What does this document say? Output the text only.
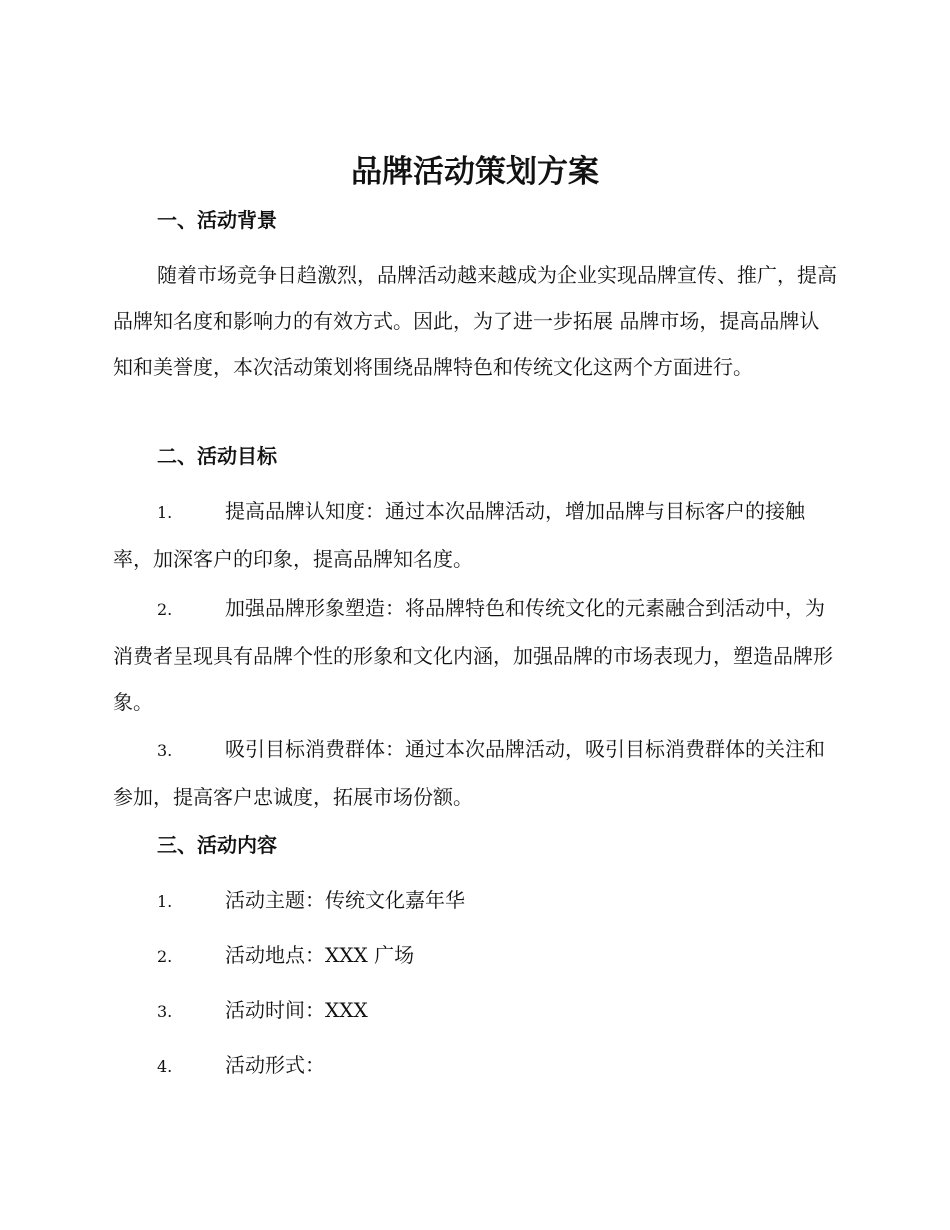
品牌活动策划方案
一、活动背景

随着市场竞争日趋激烈，品牌活动越来越成为企业实现品牌宣传、推广，提高品牌知名度和影响力的有效方式。因此，为了进一步拓展 品牌市场，提高品牌认知和美誉度，本次活动策划将围绕品牌特色和传统文化这两个方面进行。

二、活动目标
1.	提高品牌认知度：通过本次品牌活动，增加品牌与目标客户的接触率，加深客户的印象，提高品牌知名度。
2.	加强品牌形象塑造：将品牌特色和传统文化的元素融合到活动中，为消费者呈现具有品牌个性的形象和文化内涵，加强品牌的市场表现力，塑造品牌形象。
3.	吸引目标消费群体：通过本次品牌活动，吸引目标消费群体的关注和参加，提高客户忠诚度，拓展市场份额。
三、活动内容
1.	活动主题：传统文化嘉年华
2.	活动地点：XXX 广场
3.	活动时间：XXX
4.	活动形式：
